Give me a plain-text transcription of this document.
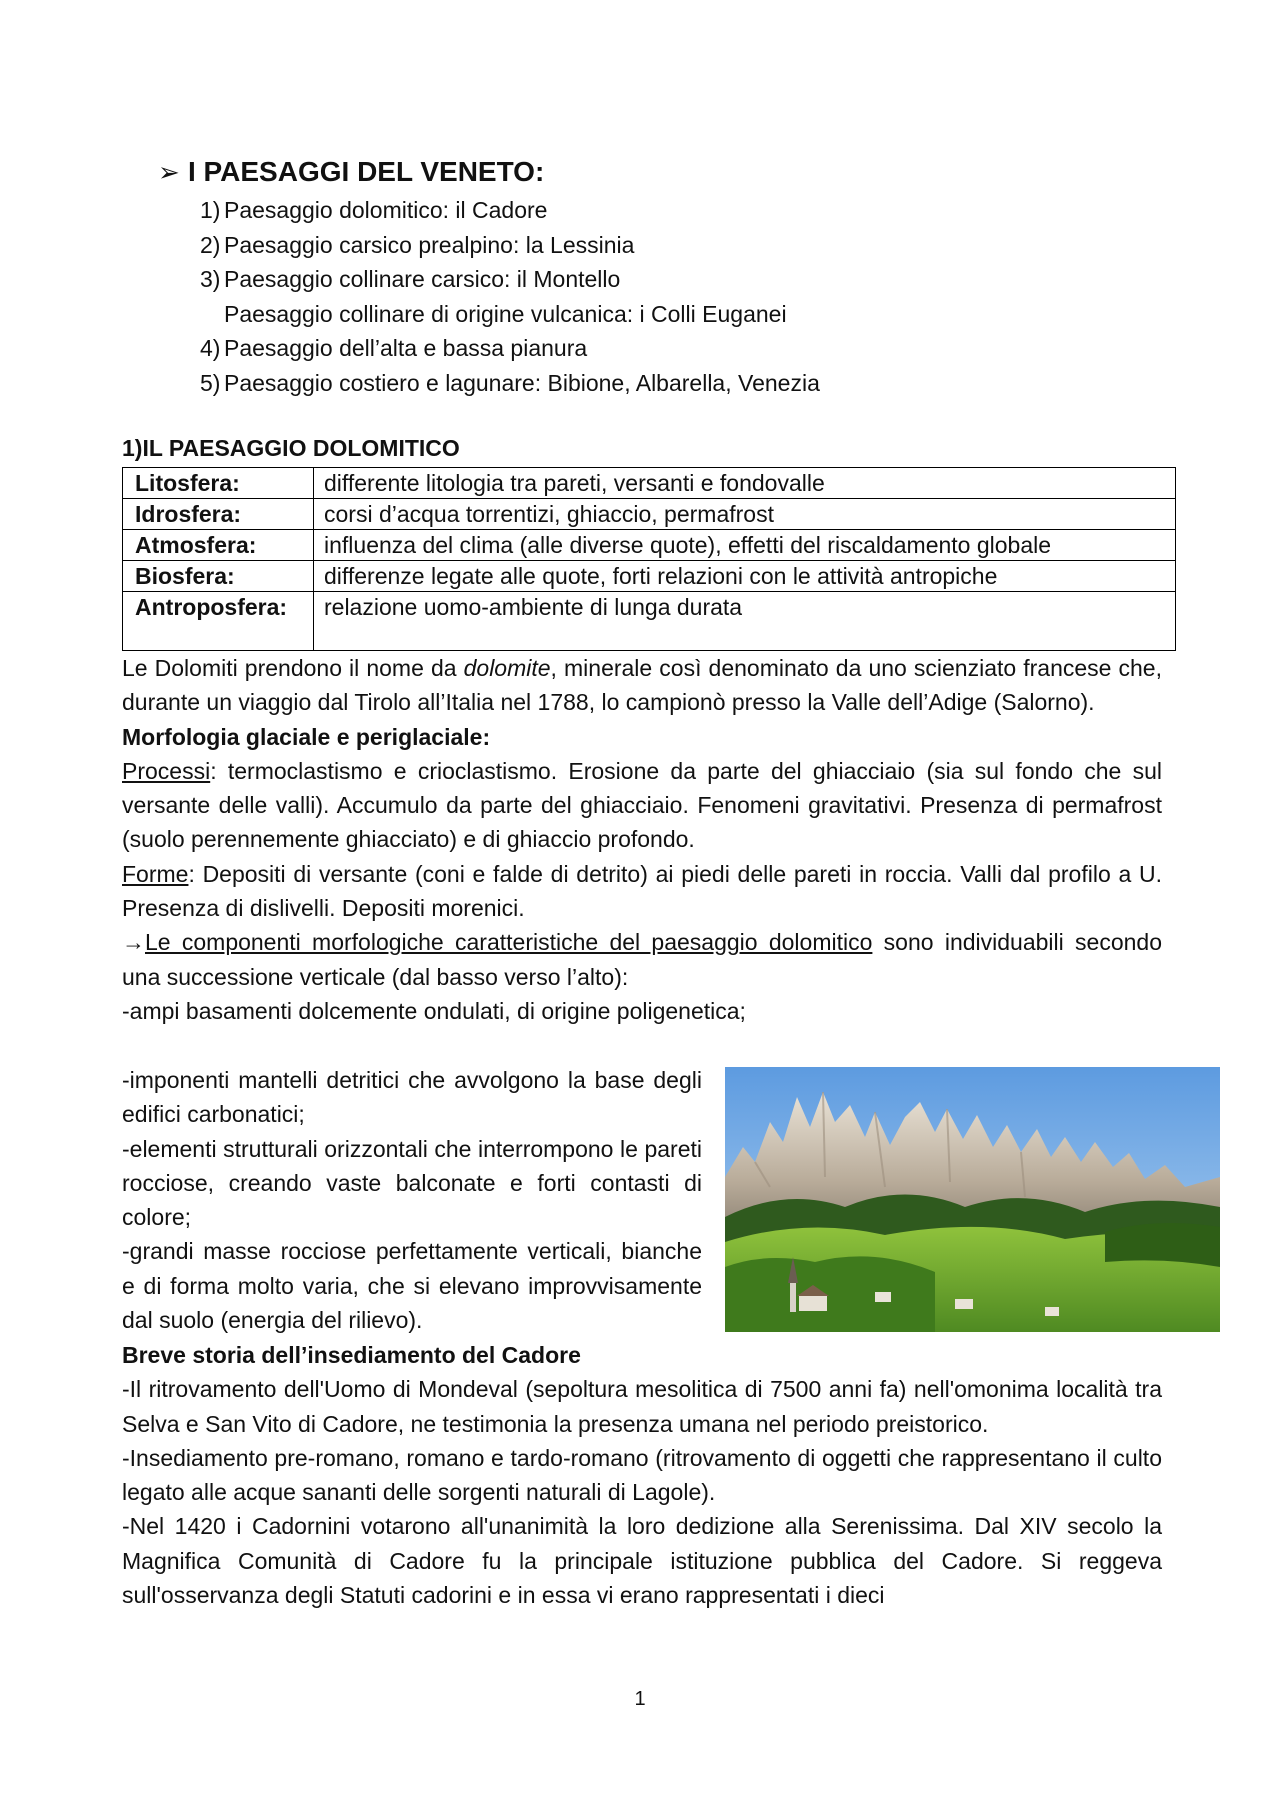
➢ I PAESAGGI DEL VENETO:
1) Paesaggio dolomitico: il Cadore
2) Paesaggio carsico prealpino: la Lessinia
3) Paesaggio collinare carsico: il Montello
Paesaggio collinare di origine vulcanica: i Colli Euganei
4) Paesaggio dell’alta e bassa pianura
5) Paesaggio costiero e lagunare: Bibione, Albarella, Venezia
1)IL PAESAGGIO DOLOMITICO
Litosfera:	differente litologia tra pareti, versanti e fondovalle
Idrosfera:	corsi d’acqua torrentizi, ghiaccio, permafrost
Atmosfera:	influenza del clima (alle diverse quote), effetti del riscaldamento globale
Biosfera:	differenze legate alle quote, forti relazioni con le attività antropiche
Antroposfera:	relazione uomo-ambiente di lunga durata
Le Dolomiti prendono il nome da dolomite, minerale così denominato da uno scienziato francese che, durante un viaggio dal Tirolo all’Italia nel 1788, lo campionò presso la Valle dell’Adige (Salorno).
Morfologia glaciale e periglaciale:
Processi: termoclastismo e crioclastismo. Erosione da parte del ghiacciaio (sia sul fondo che sul versante delle valli). Accumulo da parte del ghiacciaio. Fenomeni gravitativi. Presenza di permafrost (suolo perennemente ghiacciato) e di ghiaccio profondo.
Forme: Depositi di versante (coni e falde di detrito) ai piedi delle pareti in roccia. Valli dal profilo a U. Presenza di dislivelli. Depositi morenici.
→Le componenti morfologiche caratteristiche del paesaggio dolomitico sono individuabili secondo una successione verticale (dal basso verso l’alto):
-ampi basamenti dolcemente ondulati, di origine poligenetica;
-imponenti mantelli detritici che avvolgono la base degli edifici carbonatici;
-elementi strutturali orizzontali che interrompono le pareti rocciose, creando vaste balconate e forti contasti di colore;
-grandi masse rocciose perfettamente verticali, bianche e di forma molto varia, che si elevano improvvisamente dal suolo (energia del rilievo).
Breve storia dell’insediamento del Cadore
-Il ritrovamento dell'Uomo di Mondeval (sepoltura mesolitica di 7500 anni fa) nell'omonima località tra Selva e San Vito di Cadore, ne testimonia la presenza umana nel periodo preistorico.
-Insediamento pre-romano, romano e tardo-romano (ritrovamento di oggetti che rappresentano il culto legato alle acque sananti delle sorgenti naturali di Lagole).
-Nel 1420 i Cadornini votarono all'unanimità la loro dedizione alla Serenissima. Dal XIV secolo la Magnifica Comunità di Cadore fu la principale istituzione pubblica del Cadore. Si reggeva sull'osservanza degli Statuti cadorini e in essa vi erano rappresentati i dieci
1
